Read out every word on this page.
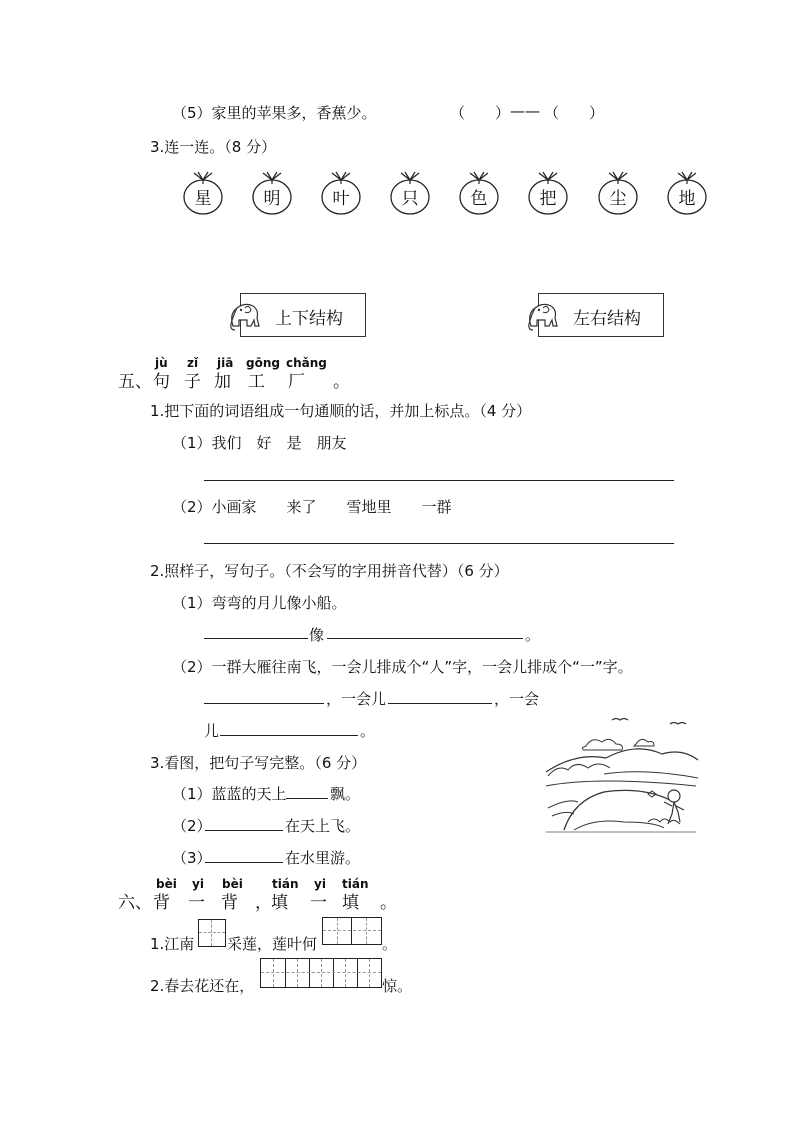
（5）家里的苹果多，香蕉少。	（　　） —— （　　）
3.连一连。（8 分）
星	明	叶	只	色	把	尘	地
上下结构	左右结构
五、
jù zǐ jiā gōng chǎng
句 子 加 工 厂 。
1.把下面的词语组成一句通顺的话，并加上标点。（4 分）
（1）我们　好　是　朋友
（2）小画家　　来了　　雪地里　　一群
2.照样子，写句子。（不会写的字用拼音代替）（6 分）
（1）弯弯的月儿像小船。
像	。
（2）一群大雁往南飞，一会儿排成个“人”字，一会儿排成个“一”字。
，一会儿	，一会
儿	。
3.看图，把句子写完整。（6 分）
（1）蓝蓝的天上	飘。
（2）	在天上飞。
（3）	在水里游。
六、
bèi yi bèi tián yi tián
背 一 背 ， 填 一 填 。
1.江南 采莲，莲叶何	。
2.春去花还在，	惊。
